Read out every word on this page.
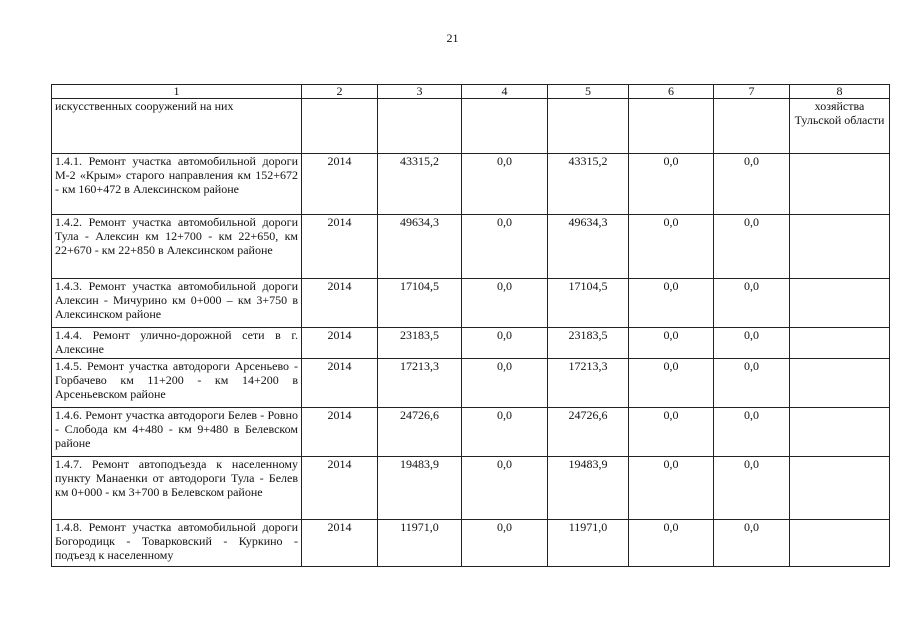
21
1	2	3	4	5	6	7	8
искусственных сооружений на них							хозяйства Тульской области
1.4.1. Ремонт участка автомобильной дороги М-2 «Крым» старого направления км 152+672 - км 160+472 в Алексинском районе	2014	43315,2	0,0	43315,2	0,0	0,0	
1.4.2. Ремонт участка автомобильной дороги Тула - Алексин км 12+700 - км 22+650, км 22+670 - км 22+850 в Алексинском районе	2014	49634,3	0,0	49634,3	0,0	0,0	
1.4.3. Ремонт участка автомобильной дороги Алексин - Мичурино км 0+000 – км 3+750 в Алексинском районе	2014	17104,5	0,0	17104,5	0,0	0,0	
1.4.4. Ремонт улично-дорожной сети в г. Алексине	2014	23183,5	0,0	23183,5	0,0	0,0	
1.4.5. Ремонт участка автодороги Арсеньево - Горбачево км 11+200 - км 14+200 в Арсеньевском районе	2014	17213,3	0,0	17213,3	0,0	0,0	
1.4.6. Ремонт участка автодороги Белев - Ровно - Слобода км 4+480 - км 9+480 в Белевском районе	2014	24726,6	0,0	24726,6	0,0	0,0	
1.4.7. Ремонт автоподъезда к населенному пункту Манаенки от автодороги Тула - Белев км 0+000 - км 3+700 в Белевском районе	2014	19483,9	0,0	19483,9	0,0	0,0	
1.4.8. Ремонт участка автомобильной дороги Богородицк - Товарковский - Куркино - подъезд к населенному	2014	11971,0	0,0	11971,0	0,0	0,0	
